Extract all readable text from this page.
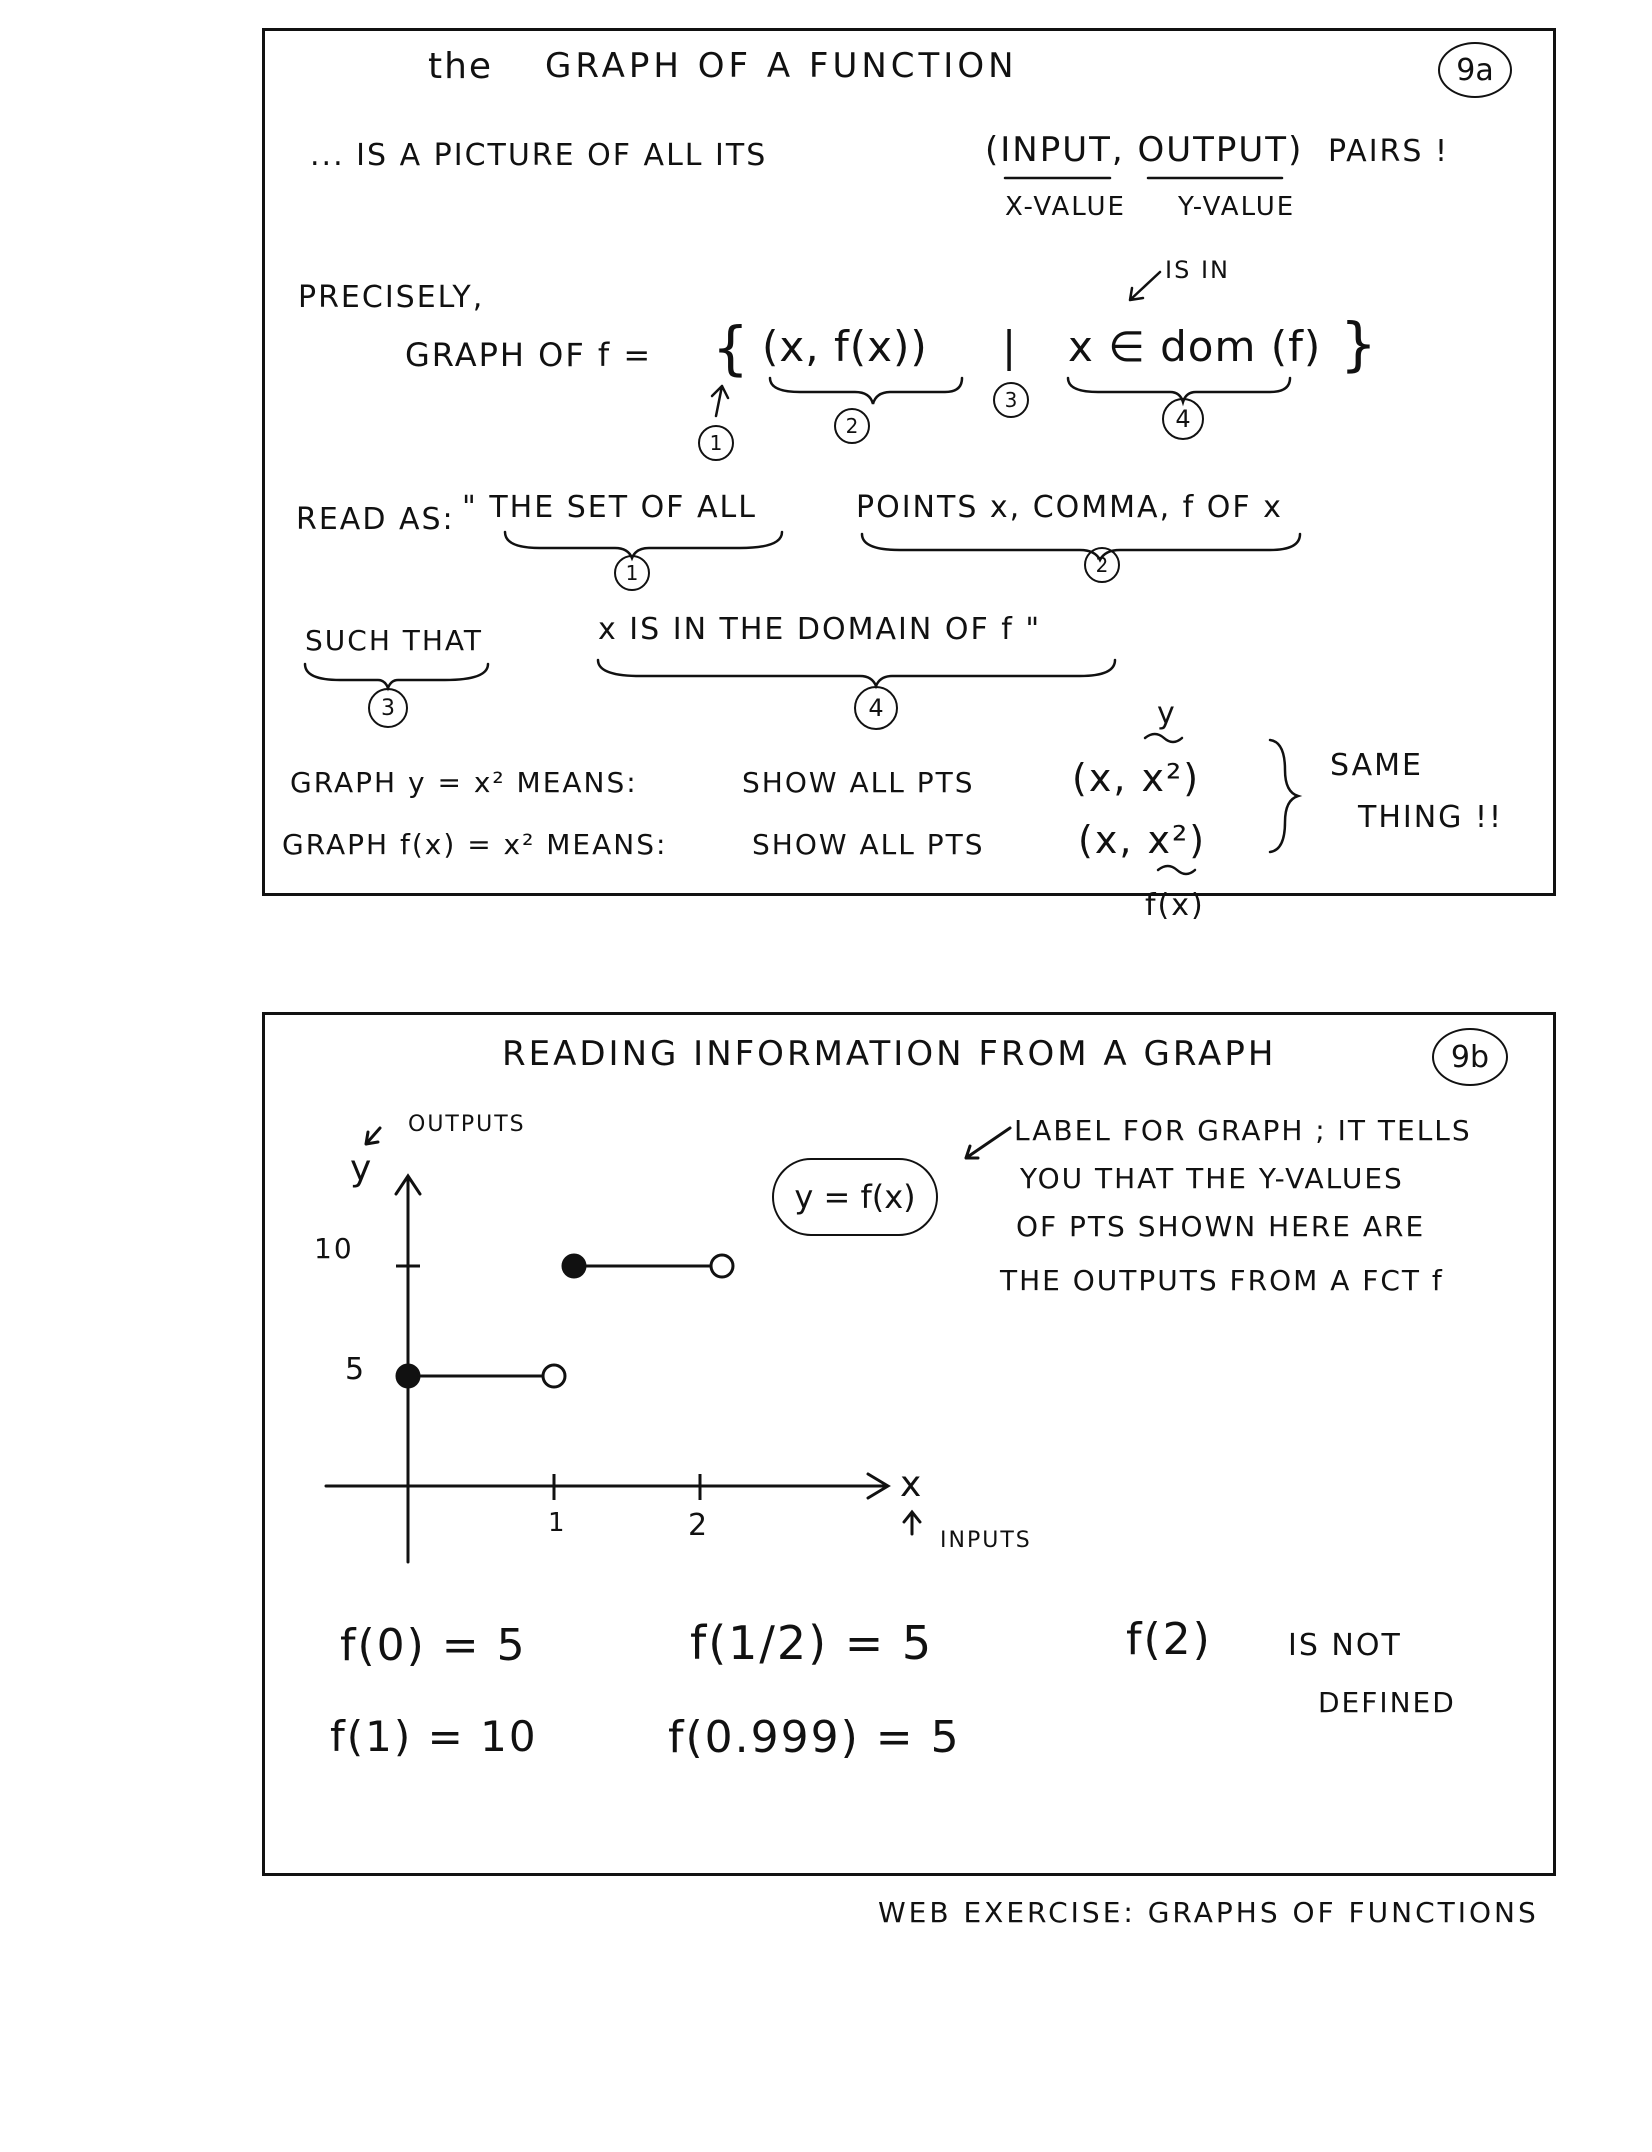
the GRAPH OF A FUNCTION	9a
... IS A PICTURE OF ALL ITS	(INPUT, OUTPUT) PAIRS !
X-VALUE Y-VALUE
PRECISELY,
IS IN
GRAPH OF f = { (x, f(x)) | x ∈ dom (f) }
1
2
3
4
READ AS: " THE SET OF ALL	POINTS x, COMMA, f OF x
1	2
SUCH THAT	x IS IN THE DOMAIN OF f "
3	4	y
GRAPH y = x² MEANS:	SHOW ALL PTS	(x, x²)
GRAPH f(x) = x² MEANS:	SHOW ALL PTS (x, x²)
SAME
THING !!
f(x)
READING INFORMATION FROM A GRAPH	9b
OUTPUTS
y
10
5
1	2
x
INPUTS
y = f(x)
LABEL FOR GRAPH ; IT TELLS
YOU THAT THE Y-VALUES
OF PTS SHOWN HERE ARE
THE OUTPUTS FROM A FCT f
f(0) = 5
f(1) = 10
f(1/2) = 5
f(0.999) = 5
f(2)	IS NOT
DEFINED
WEB EXERCISE: GRAPHS OF FUNCTIONS
